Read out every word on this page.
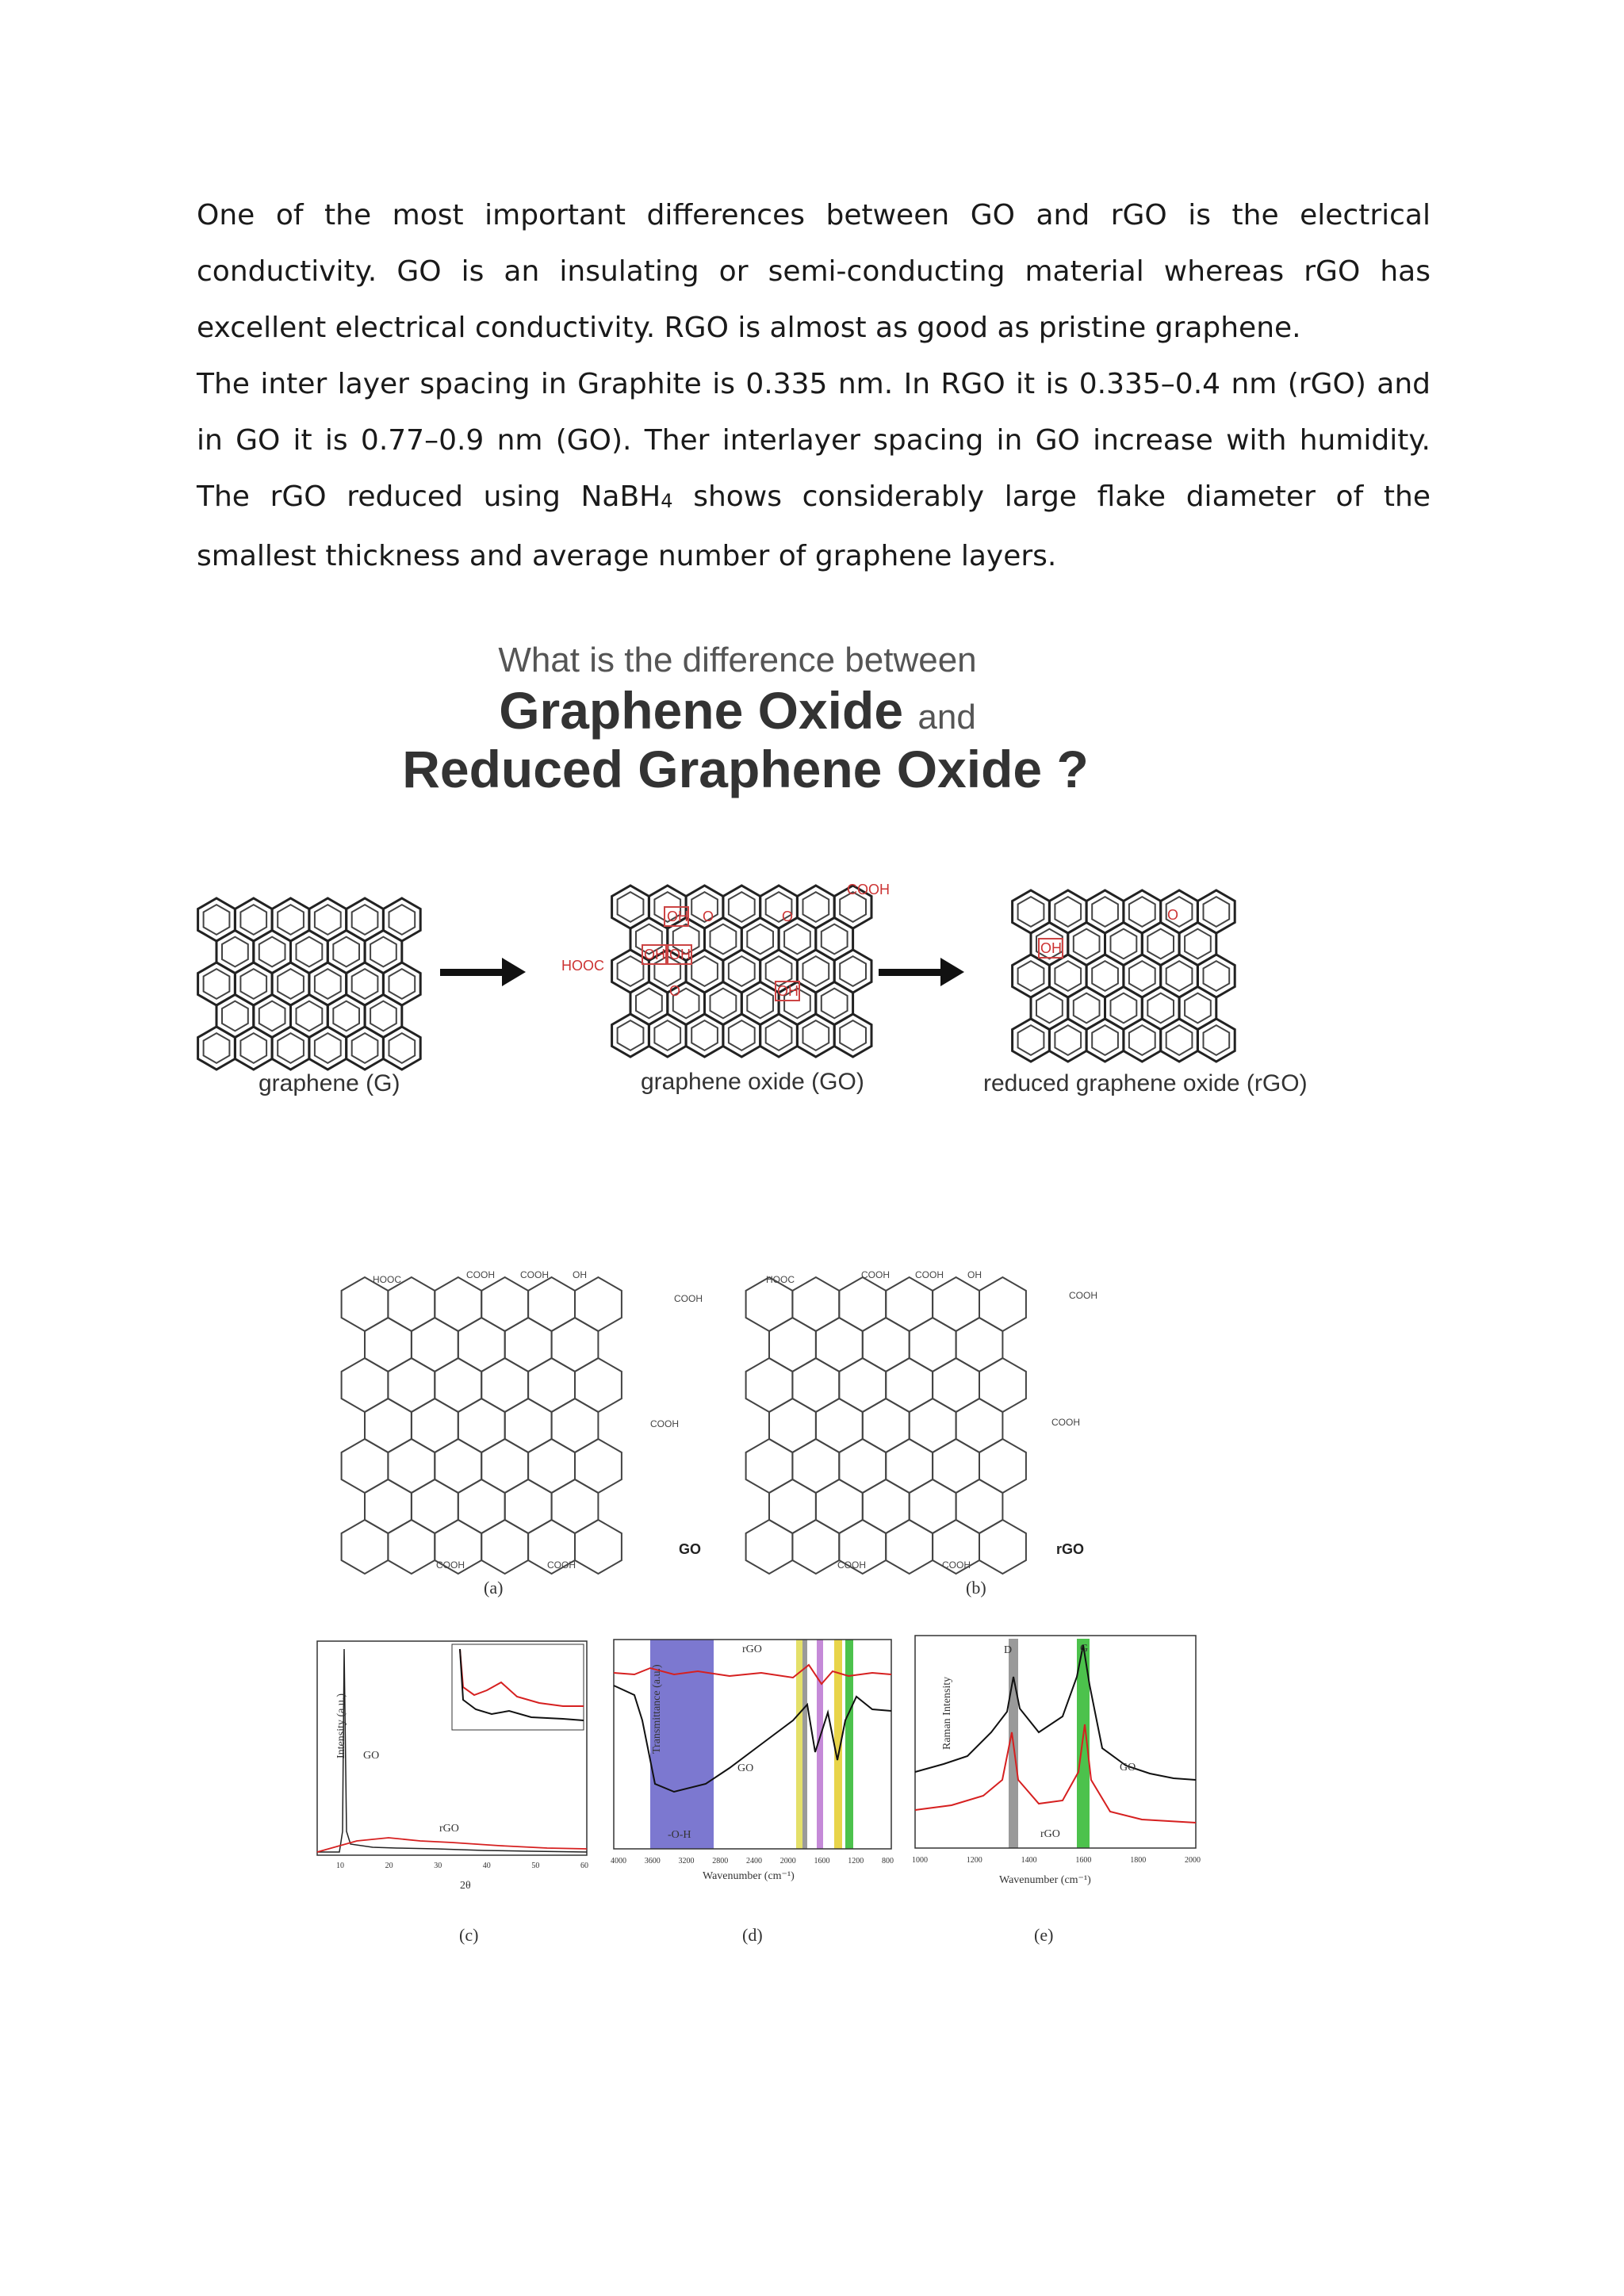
One of the most important differences between GO and rGO is the electrical conductivity. GO is an insulating or semi-conducting material whereas rGO has excellent electrical conductivity. RGO is almost as good as pristine graphene.

The inter layer spacing in Graphite is 0.335 nm. In RGO it is 0.335–0.4 nm (rGO) and in GO it is 0.77–0.9 nm (GO). Ther interlayer spacing in GO increase with humidity. The rGO reduced using NaBH$_4$ shows considerably large flake diameter of the smallest thickness and average number of graphene layers.

What is the difference between
Graphene Oxide and
Reduced Graphene Oxide ?
COOH
HOOC
OH
OH OH
OH
O	O
O
OH
O
graphene (G)	graphene oxide (GO)	reduced graphene oxide (rGO)
HOOC	COOH	COOH	OH
COOH
COOH
COOH	COOH
GO
(a)
HOOC	COOH	COOH	OH
COOH
COOH
COOH	COOH
rGO
(b)
GO
rGO
Intensity (a.u.)
10	20	30	40	50	60
2θ
(c)
rGO
GO
-O-H
4000 3600 3200 2800 2400 2000 1600 1200 800
Wavenumber (cm⁻¹)
Transmittance (a.u.)
(d)
D	G
GO
rGO
1000	1200	1400	1600	1800	2000
Wavenumber (cm⁻¹)
Raman Intensity
(e)
